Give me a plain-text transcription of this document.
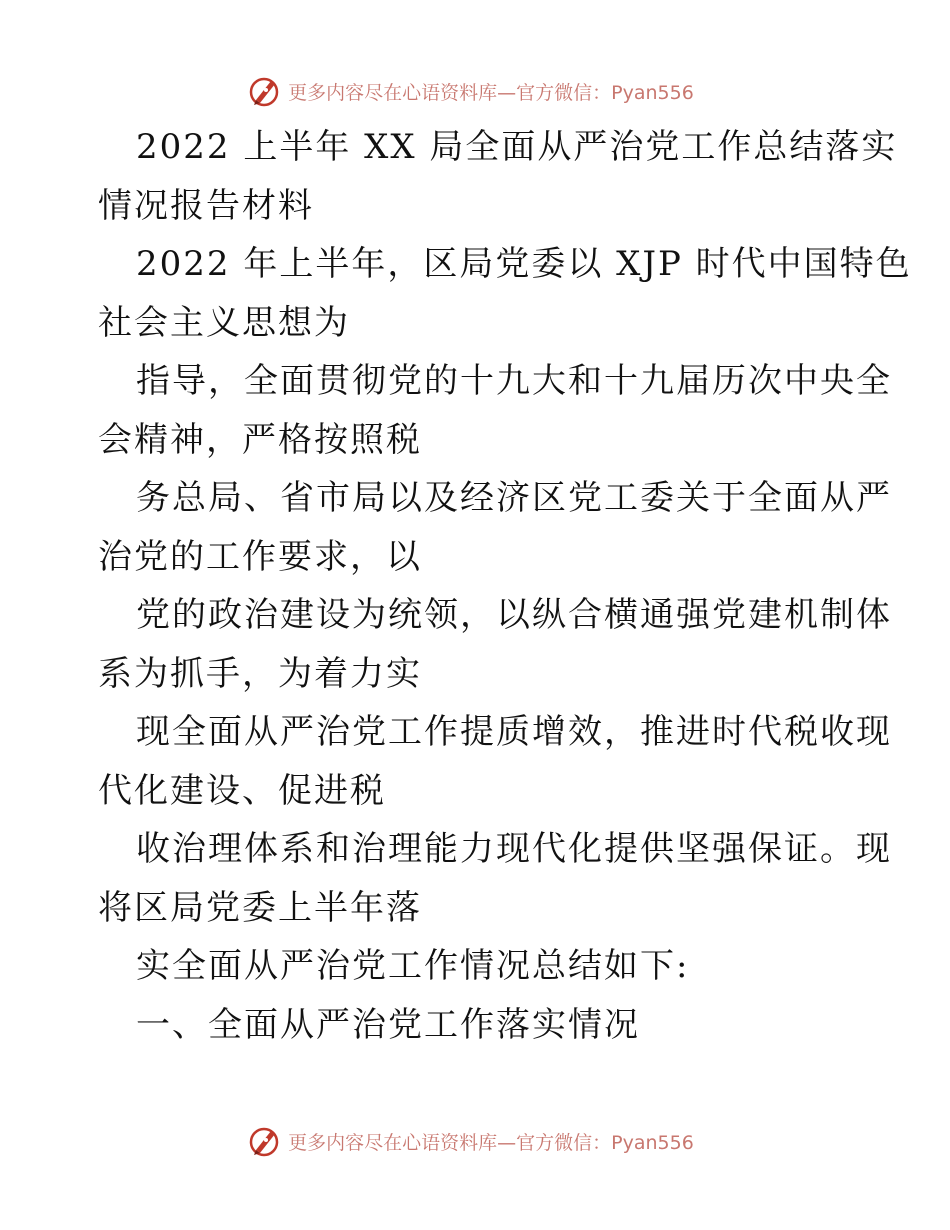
更多内容尽在心语资料库—官方微信：Pyan556
2022 上半年 XX 局全面从严治党工作总结落实
情况报告材料
2022 年上半年，区局党委以 XJP 时代中国特色
社会主义思想为
指导，全面贯彻党的十九大和十九届历次中央全
会精神，严格按照税
务总局、省市局以及经济区党工委关于全面从严
治党的工作要求，以
党的政治建设为统领，以纵合横通强党建机制体
系为抓手，为着力实
现全面从严治党工作提质增效，推进时代税收现
代化建设、促进税
收治理体系和治理能力现代化提供坚强保证。现
将区局党委上半年落
实全面从严治党工作情况总结如下:
一、全面从严治党工作落实情况
更多内容尽在心语资料库—官方微信：Pyan556
